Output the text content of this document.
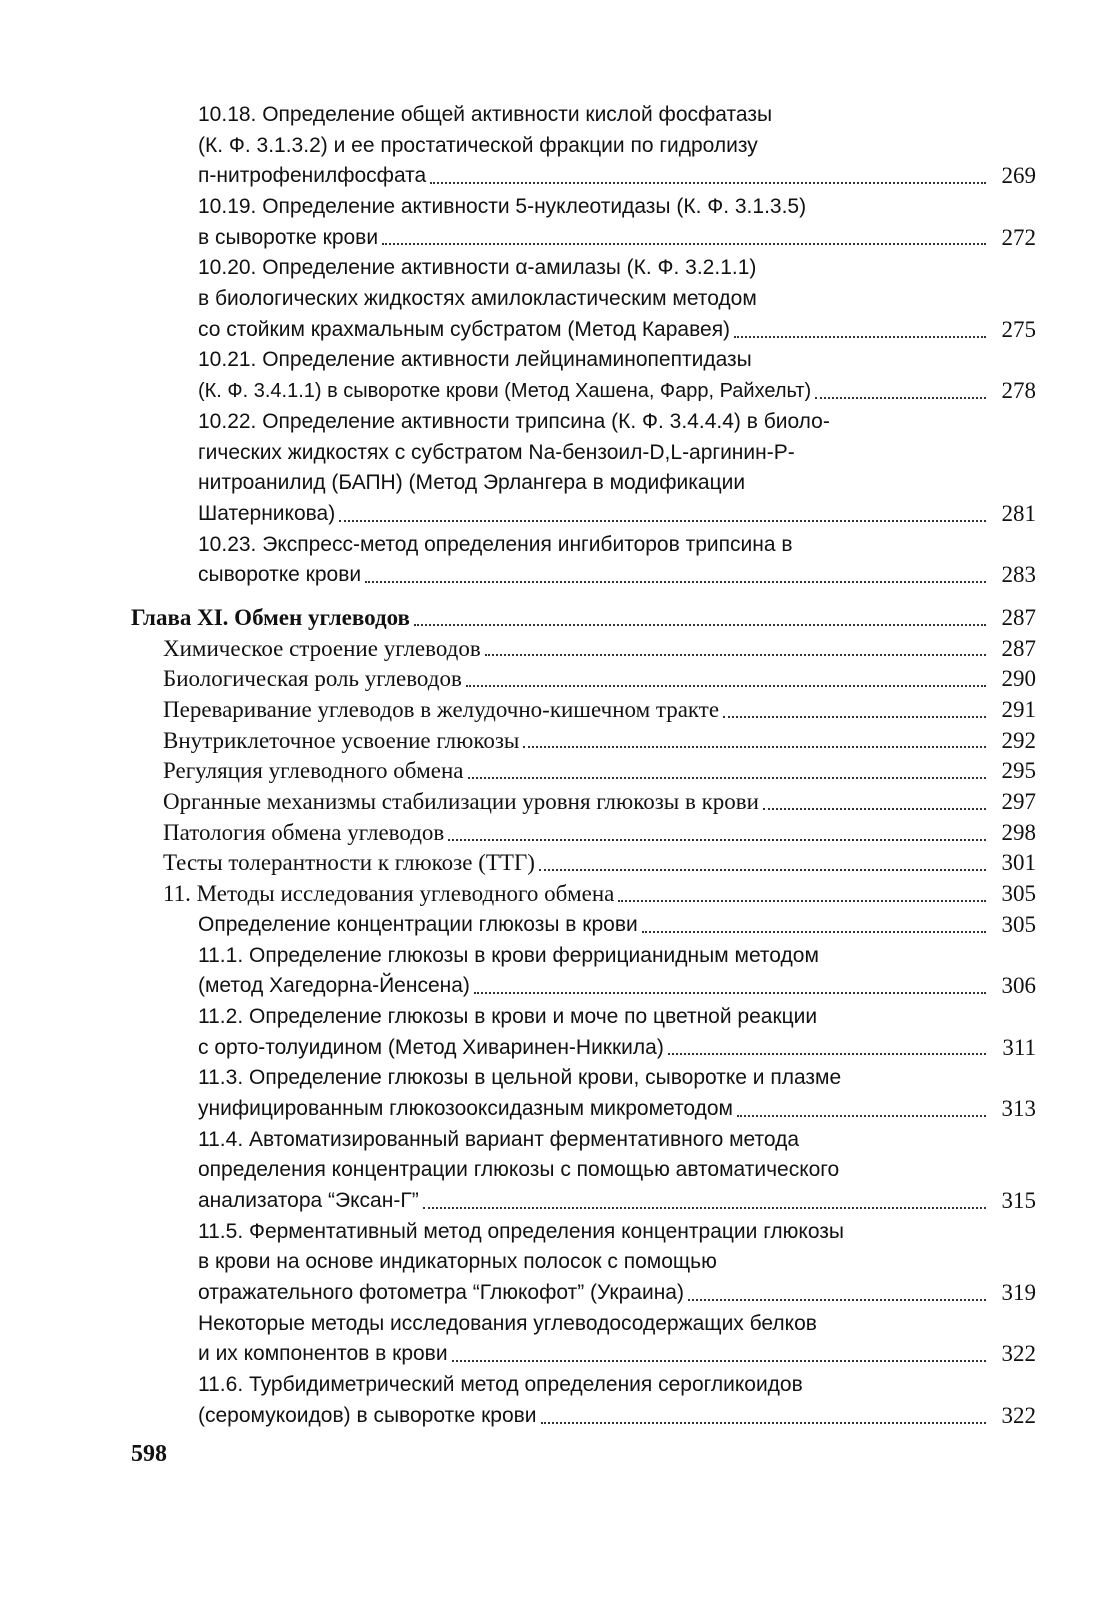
10.18. Определение общей активности кислой фосфатазы
(К. Ф. 3.1.3.2) и ее простатической фракции по гидролизу
п-нитрофенилфосфата	269
10.19. Определение активности 5-нуклеотидазы (К. Ф. 3.1.3.5)
в сыворотке крови	272
10.20. Определение активности α-амилазы (К. Ф. 3.2.1.1)
в биологических жидкостях амилокластическим методом
со стойким крахмальным субстратом (Метод Каравея)	275
10.21. Определение активности лейцинаминопептидазы
(К. Ф. 3.4.1.1) в сыворотке крови (Метод Хашена, Фарр, Райхельт)	278
10.22. Определение активности трипсина (К. Ф. 3.4.4.4) в биоло-
гических жидкостях с субстратом Na-бензоил-D,L-аргинин-Р-
нитроанилид (БАПН) (Метод Эрлангера в модификации
Шатерникова)	281
10.23. Экспресс-метод определения ингибиторов трипсина в
сыворотке крови	283
Глава XI. Обмен углеводов	287
Химическое строение углеводов	287
Биологическая роль углеводов	290
Переваривание углеводов в желудочно-кишечном тракте	291
Внутриклеточное усвоение глюкозы	292
Регуляция углеводного обмена	295
Органные механизмы стабилизации уровня глюкозы в крови	297
Патология обмена углеводов	298
Тесты толерантности к глюкозе (ТТГ)	301
11. Методы исследования углеводного обмена	305
Определение концентрации глюкозы в крови	305
11.1. Определение глюкозы в крови феррицианидным методом
(метод Хагедорна-Йенсена)	306
11.2. Определение глюкозы в крови и моче по цветной реакции
с орто-толуидином (Метод Хиваринен-Никкила)	311
11.3. Определение глюкозы в цельной крови, сыворотке и плазме
унифицированным глюкозооксидазным микрометодом	313
11.4. Автоматизированный вариант ферментативного метода
определения концентрации глюкозы с помощью автоматического
анализатора “Эксан-Г”	315
11.5. Ферментативный метод определения концентрации глюкозы
в крови на основе индикаторных полосок с помощью
отражательного фотометра “Глюкофот” (Украина)	319
Некоторые методы исследования углеводосодержащих белков
и их компонентов в крови	322
11.6. Турбидиметрический метод определения серогликоидов
(серомукоидов) в сыворотке крови	322
598
